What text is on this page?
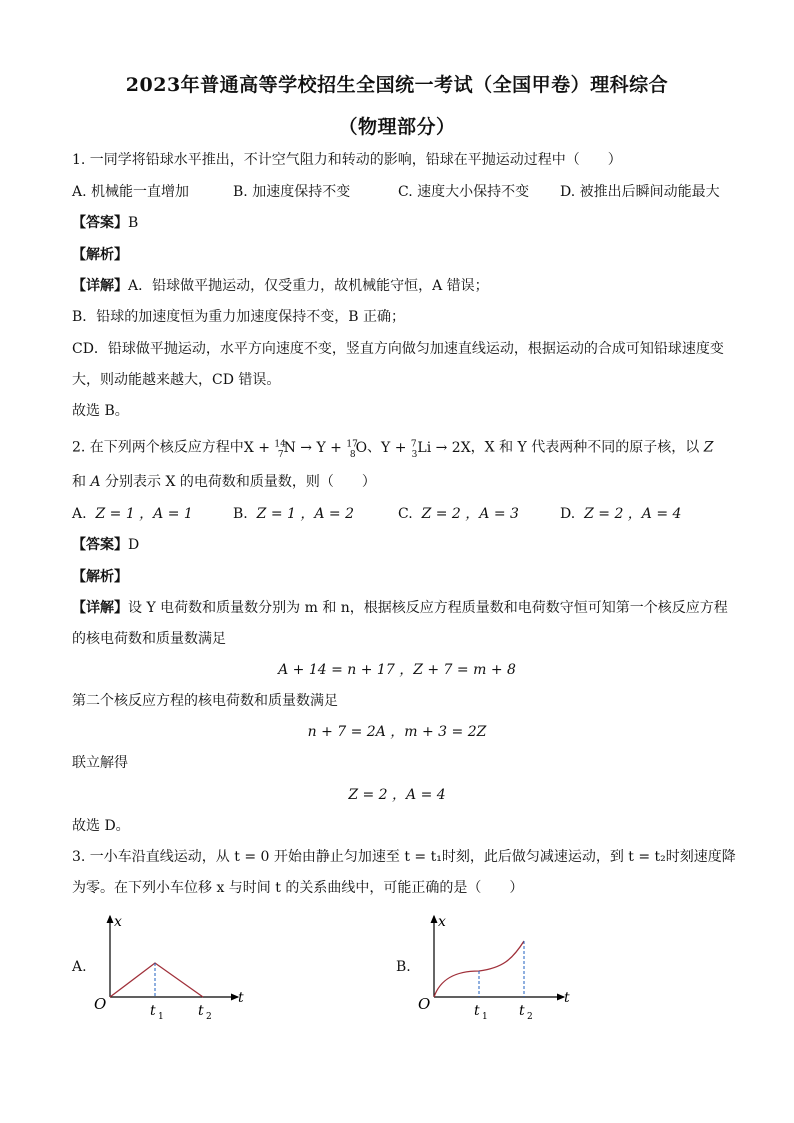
2023年普通高等学校招生全国统一考试（全国甲卷）理科综合
（物理部分）
1. 一同学将铅球水平推出，不计空气阻力和转动的影响，铅球在平抛运动过程中（　　）
A. 机械能一直增加	B. 加速度保持不变	C. 速度大小保持不变 D. 被推出后瞬间动能最大
【答案】B
【解析】
【详解】A．铅球做平抛运动，仅受重力，故机械能守恒，A 错误；
B．铅球的加速度恒为重力加速度保持不变，B 正确；
CD．铅球做平抛运动，水平方向速度不变，竖直方向做匀加速直线运动，根据运动的合成可知铅球速度变
大，则动能越来越大，CD 错误。
故选 B。
2. 在下列两个核反应方程中X + $^{14}_7$N → Y + $^{17}_8$O、Y + $^7_3$Li → 2X，X 和 Y 代表两种不同的原子核，以 Z
和 A 分别表示 X 的电荷数和质量数，则（　　）
A. Z = 1 ，A = 1	B. Z = 1 ，A = 2	C. Z = 2 ，A = 3	D. Z = 2 ，A = 4
【答案】D
【解析】
【详解】设 Y 电荷数和质量数分别为 m 和 n，根据核反应方程质量数和电荷数守恒可知第一个核反应方程
的核电荷数和质量数满足
A + 14 = n + 17 ，Z + 7 = m + 8
第二个核反应方程的核电荷数和质量数满足
n + 7 = 2A ，m + 3 = 2Z
联立解得
Z = 2 ，A = 4
故选 D。
3. 一小车沿直线运动，从 t = 0 开始由静止匀加速至 t = t₁时刻，此后做匀减速运动，到 t = t₂时刻速度降
为零。在下列小车位移 x 与时间 t 的关系曲线中，可能正确的是（　　）
A.
x
t
O	t 1 t 2
B.
x
t
O	t 1 t 2
